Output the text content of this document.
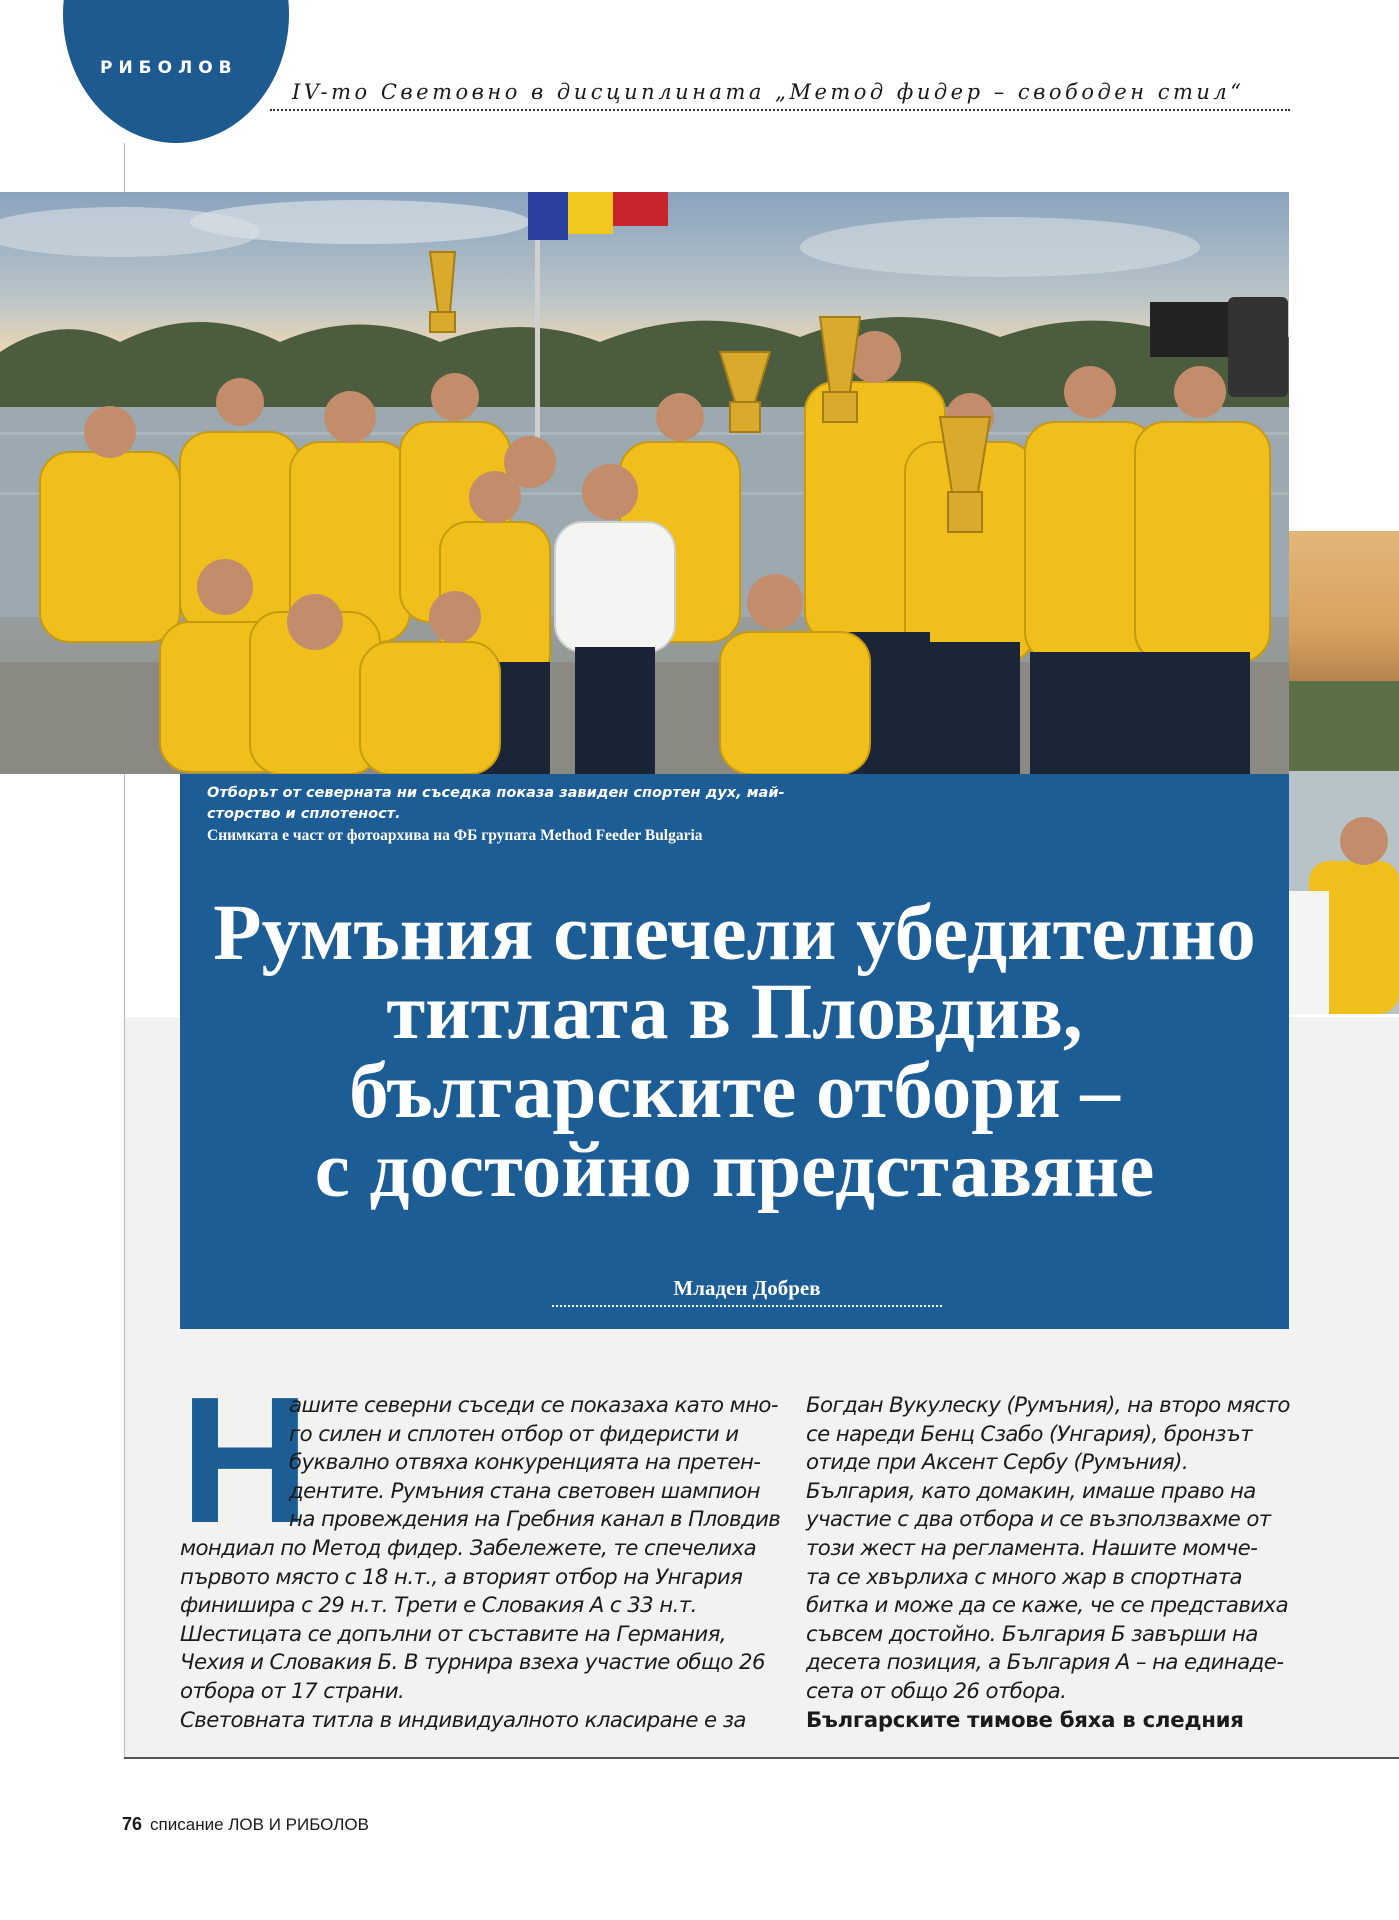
РИБОЛОВ
IV-то Световно в дисциплината „Метод фидер – свободен стил“
Отборът от северната ни съседка показа завиден спортен дух, май-
сторство и сплотеност.
Снимката е част от фотоархива на ФБ групата Method Feeder Bulgaria
Румъния спечели убедително
титлата в Пловдив,
българските отбори –
с достойно представяне
Младен Добрев
Н
ашите северни съседи се показаха като мно-
го силен и сплотен отбор от фидеристи и
буквално отвяха конкуренцията на претен-
дентите. Румъния стана световен шампион
на провеждения на Гребния канал в Пловдив
мондиал по Метод фидер. Забележете, те спечелиха
първото място с 18 н.т., а вторият отбор на Унгария
финишира с 29 н.т. Трети е Словакия А с 33 н.т.
Шестицата се допълни от съставите на Германия,
Чехия и Словакия Б. В турнира взеха участие общо 26
отбора от 17 страни.
Световната титла в индивидуалното класиране е за
Богдан Вукулеску (Румъния), на второ място
се нареди Бенц Сзабо (Унгария), бронзът
отиде при Аксент Сербу (Румъния).
България, като домакин, имаше право на
участие с два отбора и се възползвахме от
този жест на регламента. Нашите момче-
та се хвърлиха с много жар в спортната
битка и може да се каже, че се представиха
съвсем достойно. България Б завърши на
десета позиция, а България А – на единаде-
сета от общо 26 отбора.
Българските тимове бяха в следния
76 списание ЛОВ И РИБОЛОВ
